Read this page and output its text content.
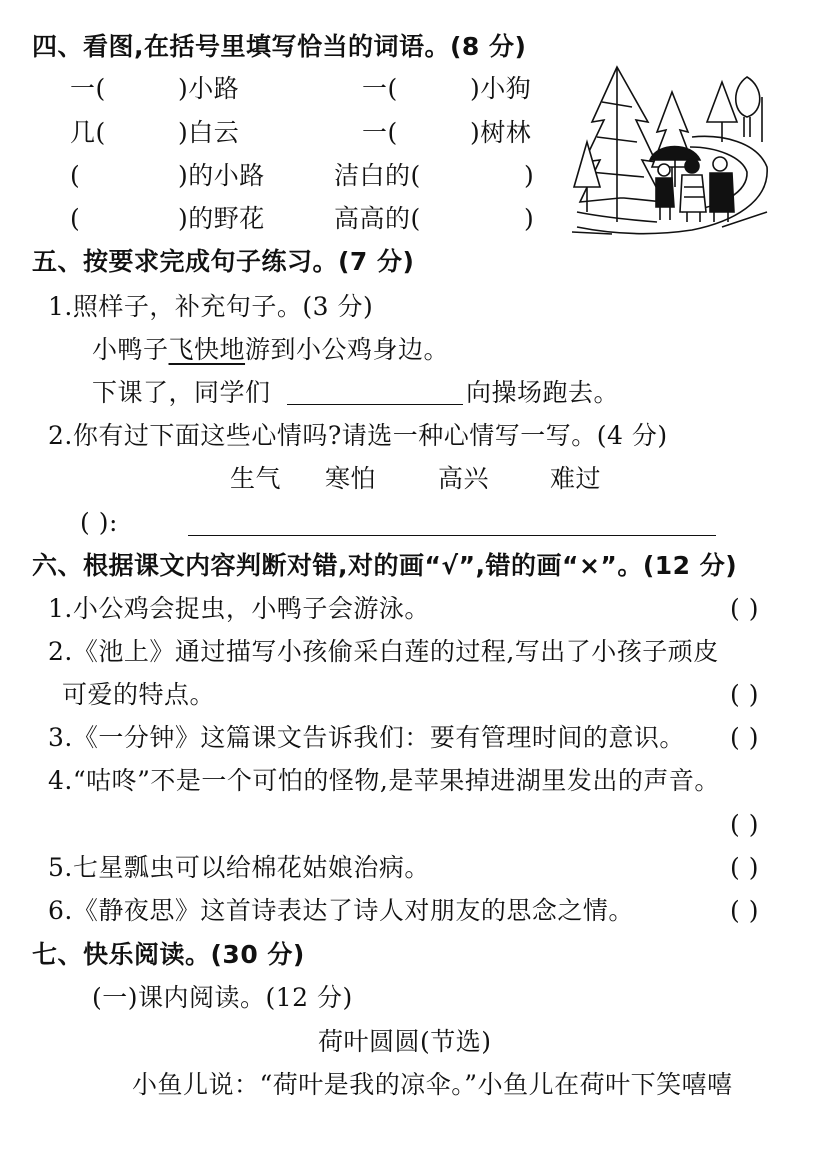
四、看图,在括号里填写恰当的词语。(8 分)
一(	)小路	一(	)小狗
几(	)白云	一(	)树林
(	)的小路	洁白的(	)
(	)的野花	高高的(	)
五、按要求完成句子练习。(7 分)
1.照样子，补充句子。(3 分)
小鸭子飞快地游到小公鸡身边。
下课了，同学们	向操场跑去。
2.你有过下面这些心情吗?请选一种心情写一写。(4 分)
生气 寒怕 高兴 难过
( ):
六、根据课文内容判断对错,对的画“√”,错的画“×”。(12 分)
1.小公鸡会捉虫，小鸭子会游泳。	( )
2.《池上》通过描写小孩偷采白莲的过程,写出了小孩子顽皮
可爱的特点。	( )
3.《一分钟》这篇课文告诉我们：要有管理时间的意识。 ( )
4.“咕咚”不是一个可怕的怪物,是苹果掉进湖里发出的声音。
( )
5.七星瓢虫可以给棉花姑娘治病。	( )
6.《静夜思》这首诗表达了诗人对朋友的思念之情。	( )
七、快乐阅读。(30 分)
(一)课内阅读。(12 分)
荷叶圆圆(节选)
小鱼儿说：“荷叶是我的凉伞。”小鱼儿在荷叶下笑嘻嘻
